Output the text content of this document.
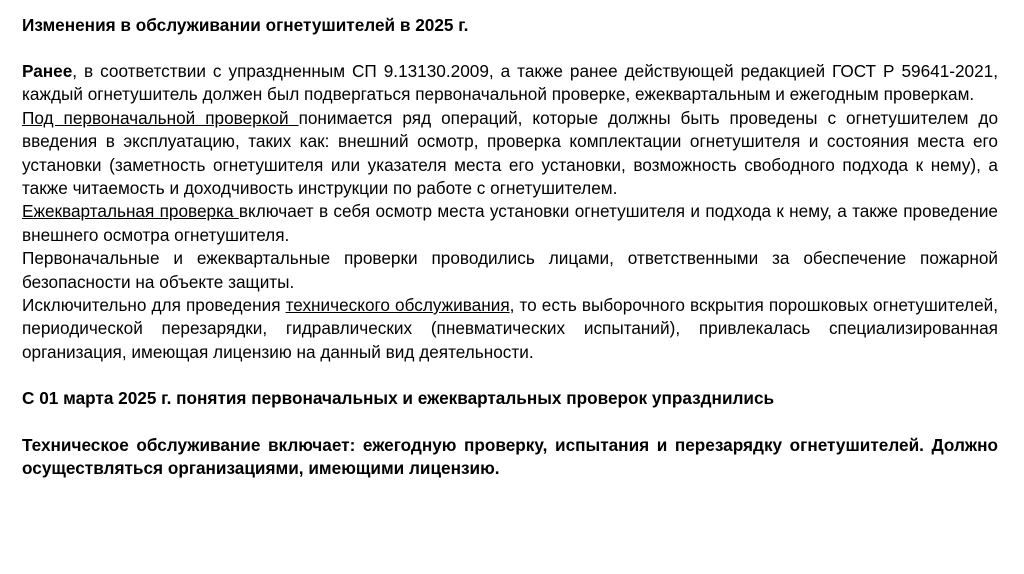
Изменения в обслуживании огнетушителей в 2025 г.

Ранее, в соответствии с упраздненным СП 9.13130.2009, а также ранее действующей редакцией ГОСТ Р 59641-2021, каждый огнетушитель должен был подвергаться первоначальной проверке, ежеквартальным и ежегодным проверкам.

Под первоначальной проверкой понимается ряд операций, которые должны быть проведены с огнетушителем до введения в эксплуатацию, таких как: внешний осмотр, проверка комплектации огнетушителя и состояния места его установки (заметность огнетушителя или указателя места его установки, возможность свободного подхода к нему), а также читаемость и доходчивость инструкции по работе с огнетушителем.

Ежеквартальная проверка включает в себя осмотр места установки огнетушителя и подхода к нему, а также проведение внешнего осмотра огнетушителя.

Первоначальные и ежеквартальные проверки проводились лицами, ответственными за обеспечение пожарной безопасности на объекте защиты.

Исключительно для проведения технического обслуживания, то есть выборочного вскрытия порошковых огнетушителей, периодической перезарядки, гидравлических (пневматических испытаний), привлекалась специализированная организация, имеющая лицензию на данный вид деятельности.

С 01 марта 2025 г. понятия первоначальных и ежеквартальных проверок упразднились

Техническое обслуживание включает: ежегодную проверку, испытания и перезарядку огнетушителей. Должно осуществляться организациями, имеющими лицензию.
